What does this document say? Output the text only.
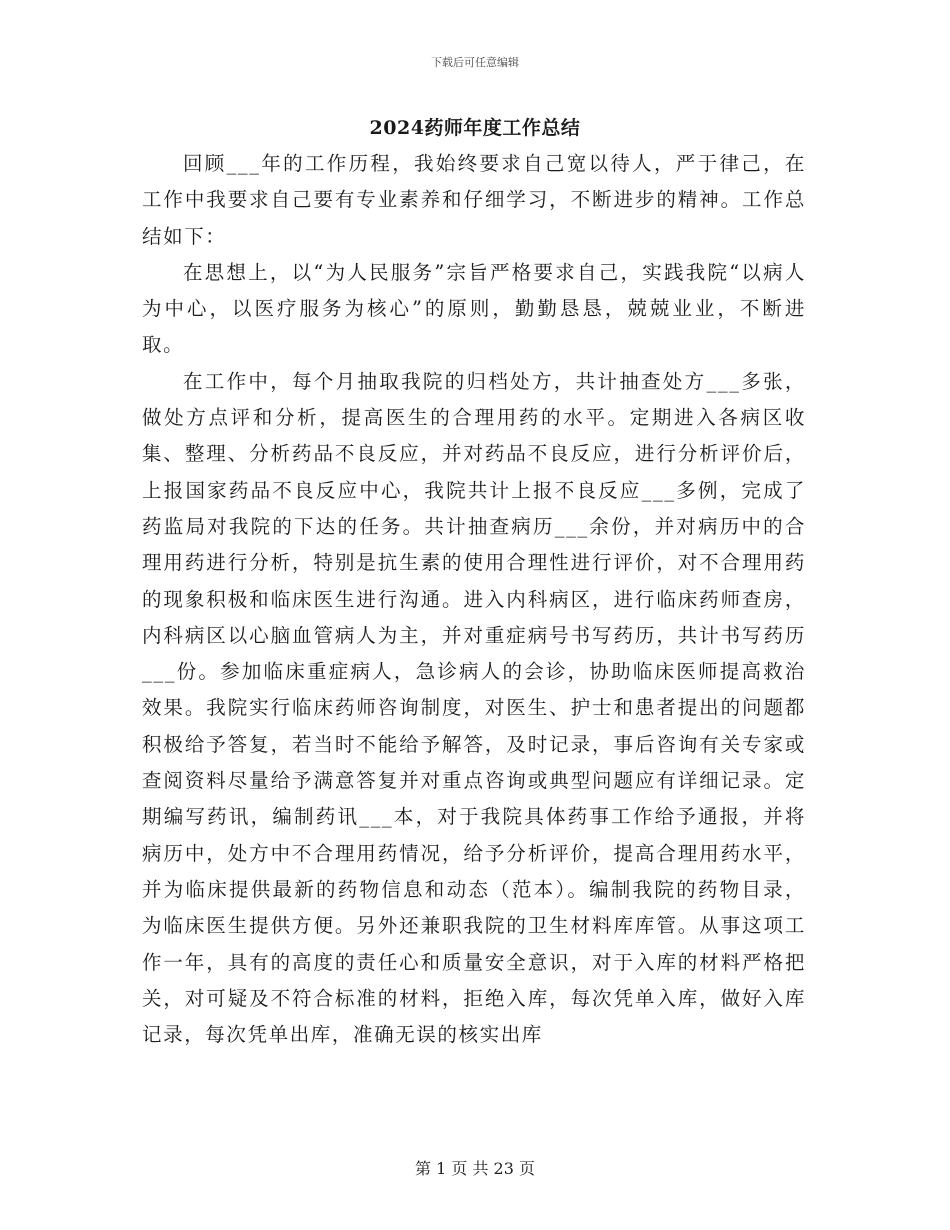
下载后可任意编辑
2024药师年度工作总结

回顾___年的工作历程，我始终要求自己宽以待人，严于律己，在工作中我要求自己要有专业素养和仔细学习，不断进步的精神。工作总结如下：

在思想上，以“为人民服务”宗旨严格要求自己，实践我院“以病人为中心，以医疗服务为核心”的原则，勤勤恳恳，兢兢业业，不断进取。

在工作中，每个月抽取我院的归档处方，共计抽查处方___多张，做处方点评和分析，提高医生的合理用药的水平。定期进入各病区收集、整理、分析药品不良反应，并对药品不良反应，进行分析评价后，上报国家药品不良反应中心，我院共计上报不良反应___多例，完成了药监局对我院的下达的任务。共计抽查病历___余份，并对病历中的合理用药进行分析，特别是抗生素的使用合理性进行评价，对不合理用药的现象积极和临床医生进行沟通。进入内科病区，进行临床药师查房，内科病区以心脑血管病人为主，并对重症病号书写药历，共计书写药历___份。参加临床重症病人，急诊病人的会诊，协助临床医师提高救治效果。我院实行临床药师咨询制度，对医生、护士和患者提出的问题都积极给予答复，若当时不能给予解答，及时记录，事后咨询有关专家或查阅资料尽量给予满意答复并对重点咨询或典型问题应有详细记录。定期编写药讯，编制药讯___本，对于我院具体药事工作给予通报，并将病历中，处方中不合理用药情况，给予分析评价，提高合理用药水平，并为临床提供最新的药物信息和动态（范本）。编制我院的药物目录，为临床医生提供方便。另外还兼职我院的卫生材料库库管。从事这项工作一年，具有的高度的责任心和质量安全意识，对于入库的材料严格把关，对可疑及不符合标准的材料，拒绝入库，每次凭单入库，做好入库记录，每次凭单出库，准确无误的核实出库

第 1 页 共 23 页
